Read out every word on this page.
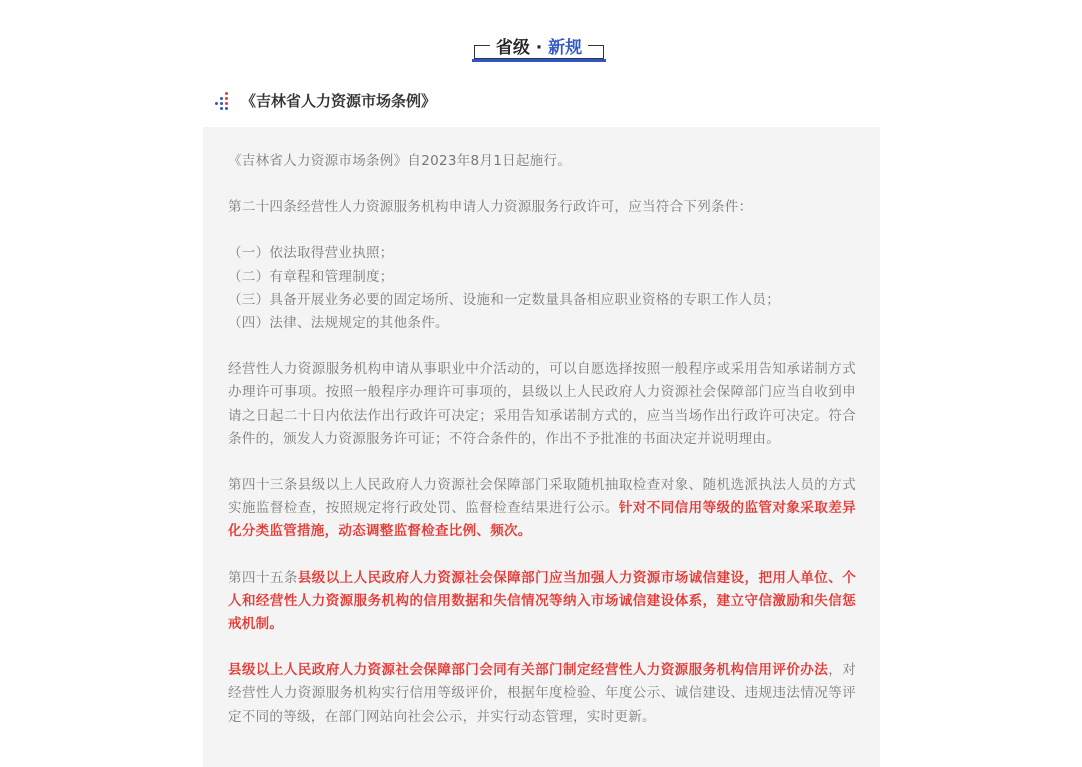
省级 · 新规
《吉林省人力资源市场条例》

《吉林省人力资源市场条例》自2023年8月1日起施行。

第二十四条经营性人力资源服务机构申请人力资源服务行政许可，应当符合下列条件：

（一）依法取得营业执照；
（二）有章程和管理制度；
（三）具备开展业务必要的固定场所、设施和一定数量具备相应职业资格的专职工作人员；
（四）法律、法规规定的其他条件。

经营性人力资源服务机构申请从事职业中介活动的，可以自愿选择按照一般程序或采用告知承诺制方式办理许可事项。按照一般程序办理许可事项的，县级以上人民政府人力资源社会保障部门应当自收到申请之日起二十日内依法作出行政许可决定；采用告知承诺制方式的，应当当场作出行政许可决定。符合条件的，颁发人力资源服务许可证；不符合条件的，作出不予批准的书面决定并说明理由。

第四十三条县级以上人民政府人力资源社会保障部门采取随机抽取检查对象、随机选派执法人员的方式实施监督检查，按照规定将行政处罚、监督检查结果进行公示。针对不同信用等级的监管对象采取差异化分类监管措施，动态调整监督检查比例、频次。

第四十五条县级以上人民政府人力资源社会保障部门应当加强人力资源市场诚信建设，把用人单位、个人和经营性人力资源服务机构的信用数据和失信情况等纳入市场诚信建设体系，建立守信激励和失信惩戒机制。

县级以上人民政府人力资源社会保障部门会同有关部门制定经营性人力资源服务机构信用评价办法，对经营性人力资源服务机构实行信用等级评价，根据年度检验、年度公示、诚信建设、违规违法情况等评定不同的等级，在部门网站向社会公示，并实行动态管理，实时更新。
